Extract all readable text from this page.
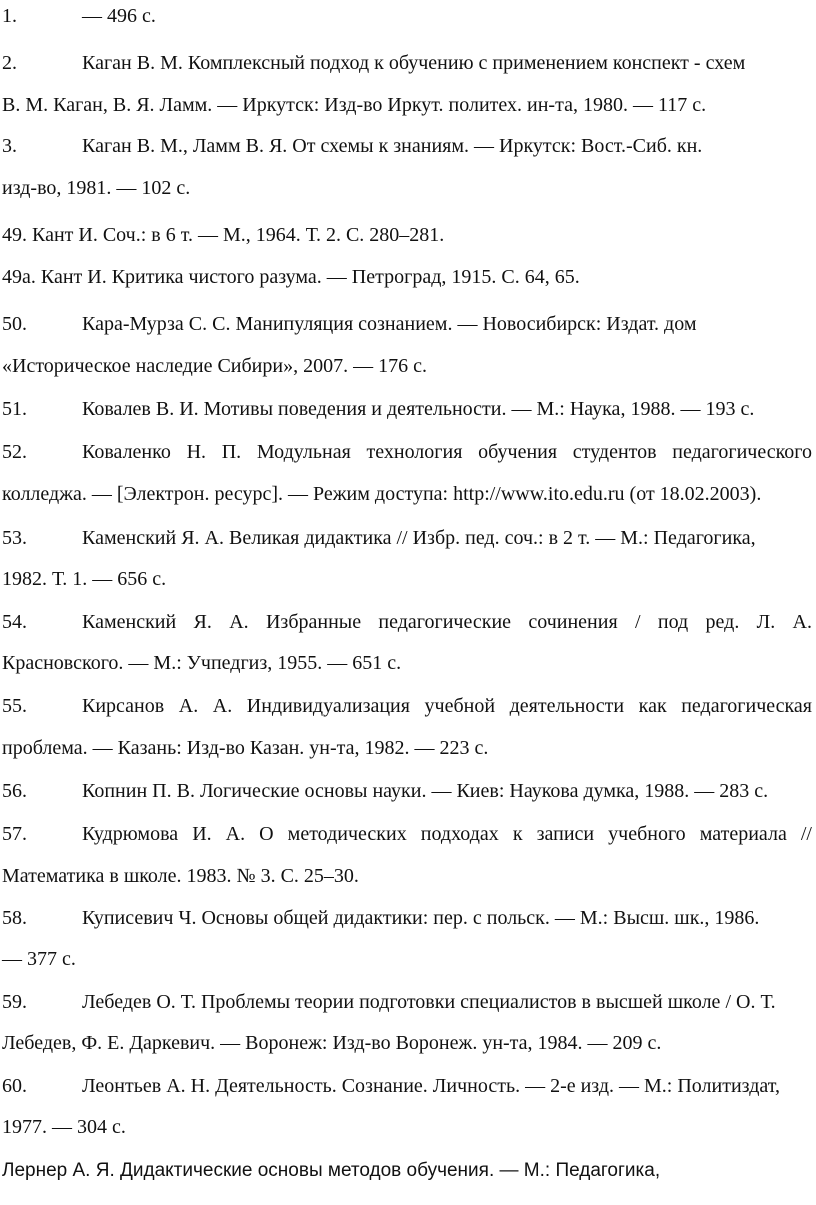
1.	— 496 с.
2.	Каган В. М. Комплексный подход к обучению с применением конспект - схем
В. М. Каган, В. Я. Ламм. — Иркутск: Изд-во Иркут. политех. ин-та, 1980. — 117 с.
3.	Каган В. М., Ламм В. Я. От схемы к знаниям. — Иркутск: Вост.-Сиб. кн.
изд-во, 1981. — 102 с.
49. Кант И. Соч.: в 6 т. — М., 1964. Т. 2. С. 280–281.
49а. Кант И. Критика чистого разума. — Петроград, 1915. С. 64, 65.
50.	Кара-Мурза С. С. Манипуляция сознанием. — Новосибирск: Издат. дом
«Историческое наследие Сибири», 2007. — 176 с.
51.	Ковалев В. И. Мотивы поведения и деятельности. — М.: Наука, 1988. — 193 с.
52.	Коваленко Н. П. Модульная технология обучения студентов педагогического
колледжа. — [Электрон. ресурс]. — Режим доступа: http://www.ito.edu.ru (от 18.02.2003).
53.	Каменский Я. А. Великая дидактика // Избр. пед. соч.: в 2 т. — М.: Педагогика,
1982. Т. 1. — 656 с.
54.	Каменский Я. А. Избранные педагогические сочинения / под ред. Л. А.
Красновского. — М.: Учпедгиз, 1955. — 651 с.
55.	Кирсанов А. А. Индивидуализация учебной деятельности как педагогическая
проблема. — Казань: Изд-во Казан. ун-та, 1982. — 223 с.
56.	Копнин П. В. Логические основы науки. — Киев: Наукова думка, 1988. — 283 с.
57.	Кудрюмова И. А. О методических подходах к записи учебного материала //
Математика в школе. 1983. № 3. С. 25–30.
58.	Куписевич Ч. Основы общей дидактики: пер. с польск. — М.: Высш. шк., 1986.
— 377 с.
59.	Лебедев О. Т. Проблемы теории подготовки специалистов в высшей школе / О. Т.
Лебедев, Ф. Е. Даркевич. — Воронеж: Изд-во Воронеж. ун-та, 1984. — 209 с.
60.	Леонтьев А. Н. Деятельность. Сознание. Личность. — 2-е изд. — М.: Политиздат,
1977. — 304 с.
Лернер А. Я. Дидактические основы методов обучения. — М.: Педагогика,
